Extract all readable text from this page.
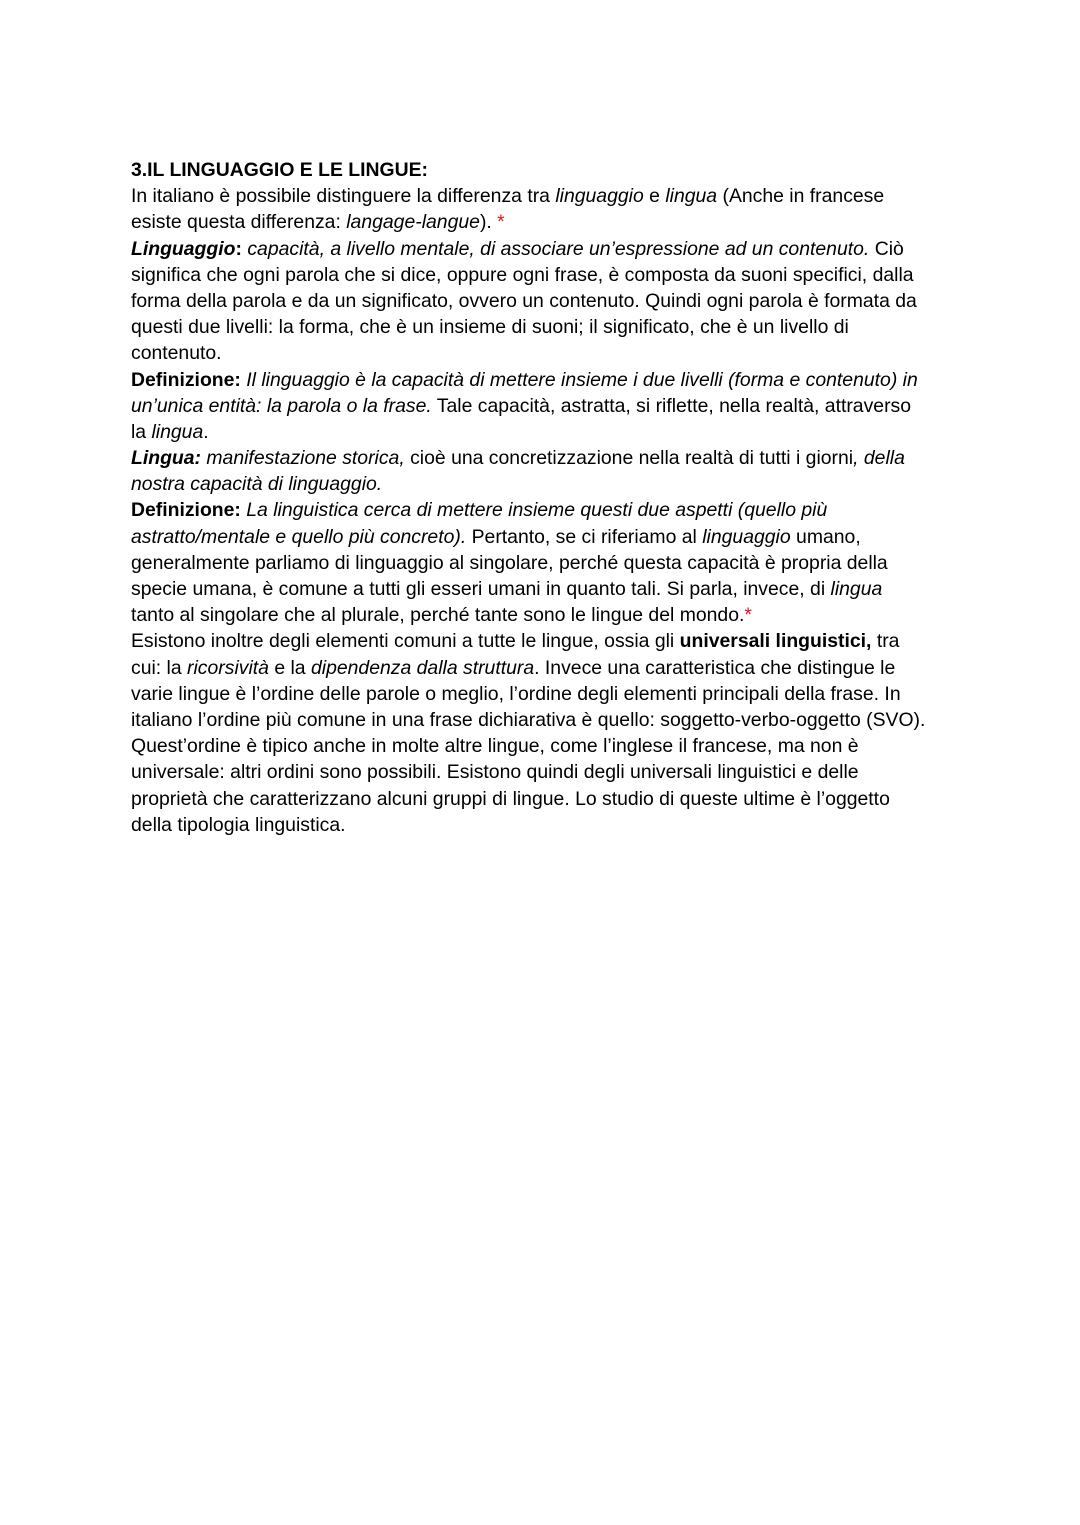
3.IL LINGUAGGIO E LE LINGUE:
In italiano è possibile distinguere la differenza tra linguaggio e lingua (Anche in francese
esiste questa differenza: langage-langue). *
Linguaggio: capacità, a livello mentale, di associare un’espressione ad un contenuto. Ciò
significa che ogni parola che si dice, oppure ogni frase, è composta da suoni specifici, dalla
forma della parola e da un significato, ovvero un contenuto. Quindi ogni parola è formata da
questi due livelli: la forma, che è un insieme di suoni; il significato, che è un livello di
contenuto.
Definizione: Il linguaggio è la capacità di mettere insieme i due livelli (forma e contenuto) in
un’unica entità: la parola o la frase. Tale capacità, astratta, si riflette, nella realtà, attraverso
la lingua.
Lingua: manifestazione storica, cioè una concretizzazione nella realtà di tutti i giorni, della
nostra capacità di linguaggio.
Definizione: La linguistica cerca di mettere insieme questi due aspetti (quello più
astratto/mentale e quello più concreto). Pertanto, se ci riferiamo al linguaggio umano,
generalmente parliamo di linguaggio al singolare, perché questa capacità è propria della
specie umana, è comune a tutti gli esseri umani in quanto tali. Si parla, invece, di lingua
tanto al singolare che al plurale, perché tante sono le lingue del mondo.*
Esistono inoltre degli elementi comuni a tutte le lingue, ossia gli universali linguistici, tra
cui: la ricorsività e la dipendenza dalla struttura. Invece una caratteristica che distingue le
varie lingue è l’ordine delle parole o meglio, l’ordine degli elementi principali della frase. In
italiano l’ordine più comune in una frase dichiarativa è quello: soggetto-verbo-oggetto (SVO).
Quest’ordine è tipico anche in molte altre lingue, come l’inglese il francese, ma non è
universale: altri ordini sono possibili. Esistono quindi degli universali linguistici e delle
proprietà che caratterizzano alcuni gruppi di lingue. Lo studio di queste ultime è l’oggetto
della tipologia linguistica.
